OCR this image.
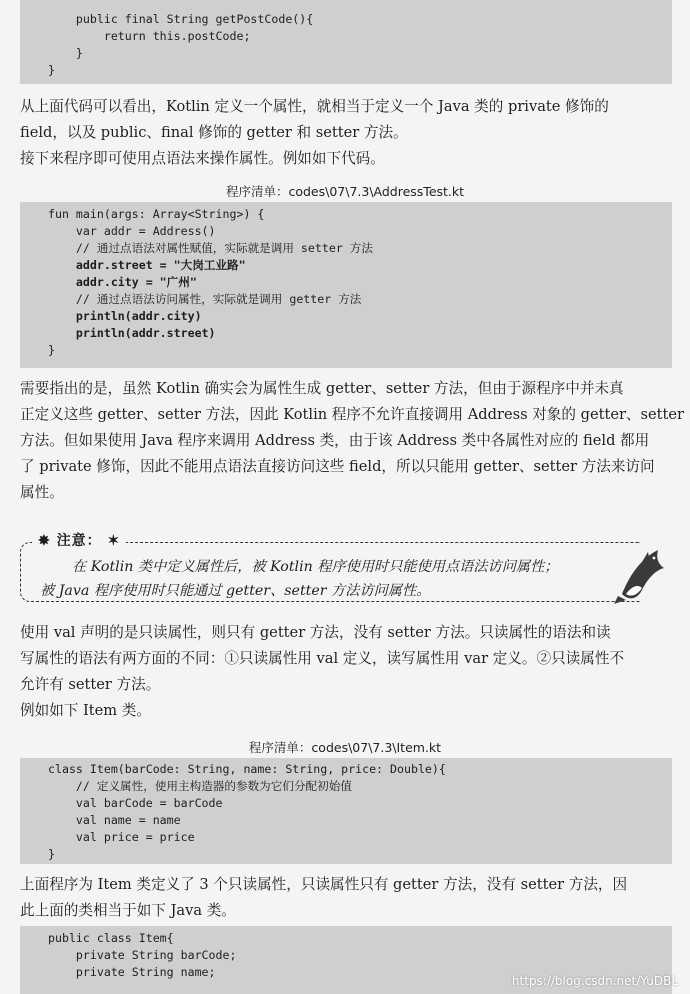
public final String getPostCode(){
return this.postCode;
}
}
从上面代码可以看出，Kotlin 定义一个属性，就相当于定义一个 Java 类的 private 修饰的
field，以及 public、final 修饰的 getter 和 setter 方法。
接下来程序即可使用点语法来操作属性。例如如下代码。
程序清单：codes\07\7.3\AddressTest.kt
fun main(args: Array<String>) {
var addr = Address()
// 通过点语法对属性赋值，实际就是调用 setter 方法
addr.street = "大岗工业路"
addr.city = "广州"
// 通过点语法访问属性，实际就是调用 getter 方法
println(addr.city)
println(addr.street)
}
需要指出的是，虽然 Kotlin 确实会为属性生成 getter、setter 方法，但由于源程序中并未真
正定义这些 getter、setter 方法，因此 Kotlin 程序不允许直接调用 Address 对象的 getter、setter
方法。但如果使用 Java 程序来调用 Address 类，由于该 Address 类中各属性对应的 field 都用
了 private 修饰，因此不能用点语法直接访问这些 field，所以只能用 getter、setter 方法来访问
属性。
✸ 注意： ✶
在 Kotlin 类中定义属性后，被 Kotlin 程序使用时只能使用点语法访问属性；
被 Java 程序使用时只能通过 getter、setter 方法访问属性。
使用 val 声明的是只读属性，则只有 getter 方法，没有 setter 方法。只读属性的语法和读
写属性的语法有两方面的不同：①只读属性用 val 定义，读写属性用 var 定义。②只读属性不
允许有 setter 方法。
例如如下 Item 类。
程序清单：codes\07\7.3\Item.kt
class Item(barCode: String, name: String, price: Double){
// 定义属性，使用主构造器的参数为它们分配初始值
val barCode = barCode
val name = name
val price = price
}
上面程序为 Item 类定义了 3 个只读属性，只读属性只有 getter 方法，没有 setter 方法，因
此上面的类相当于如下 Java 类。
public class Item{
private String barCode;
private String name;
https://blog.csdn.net/YuDBL
